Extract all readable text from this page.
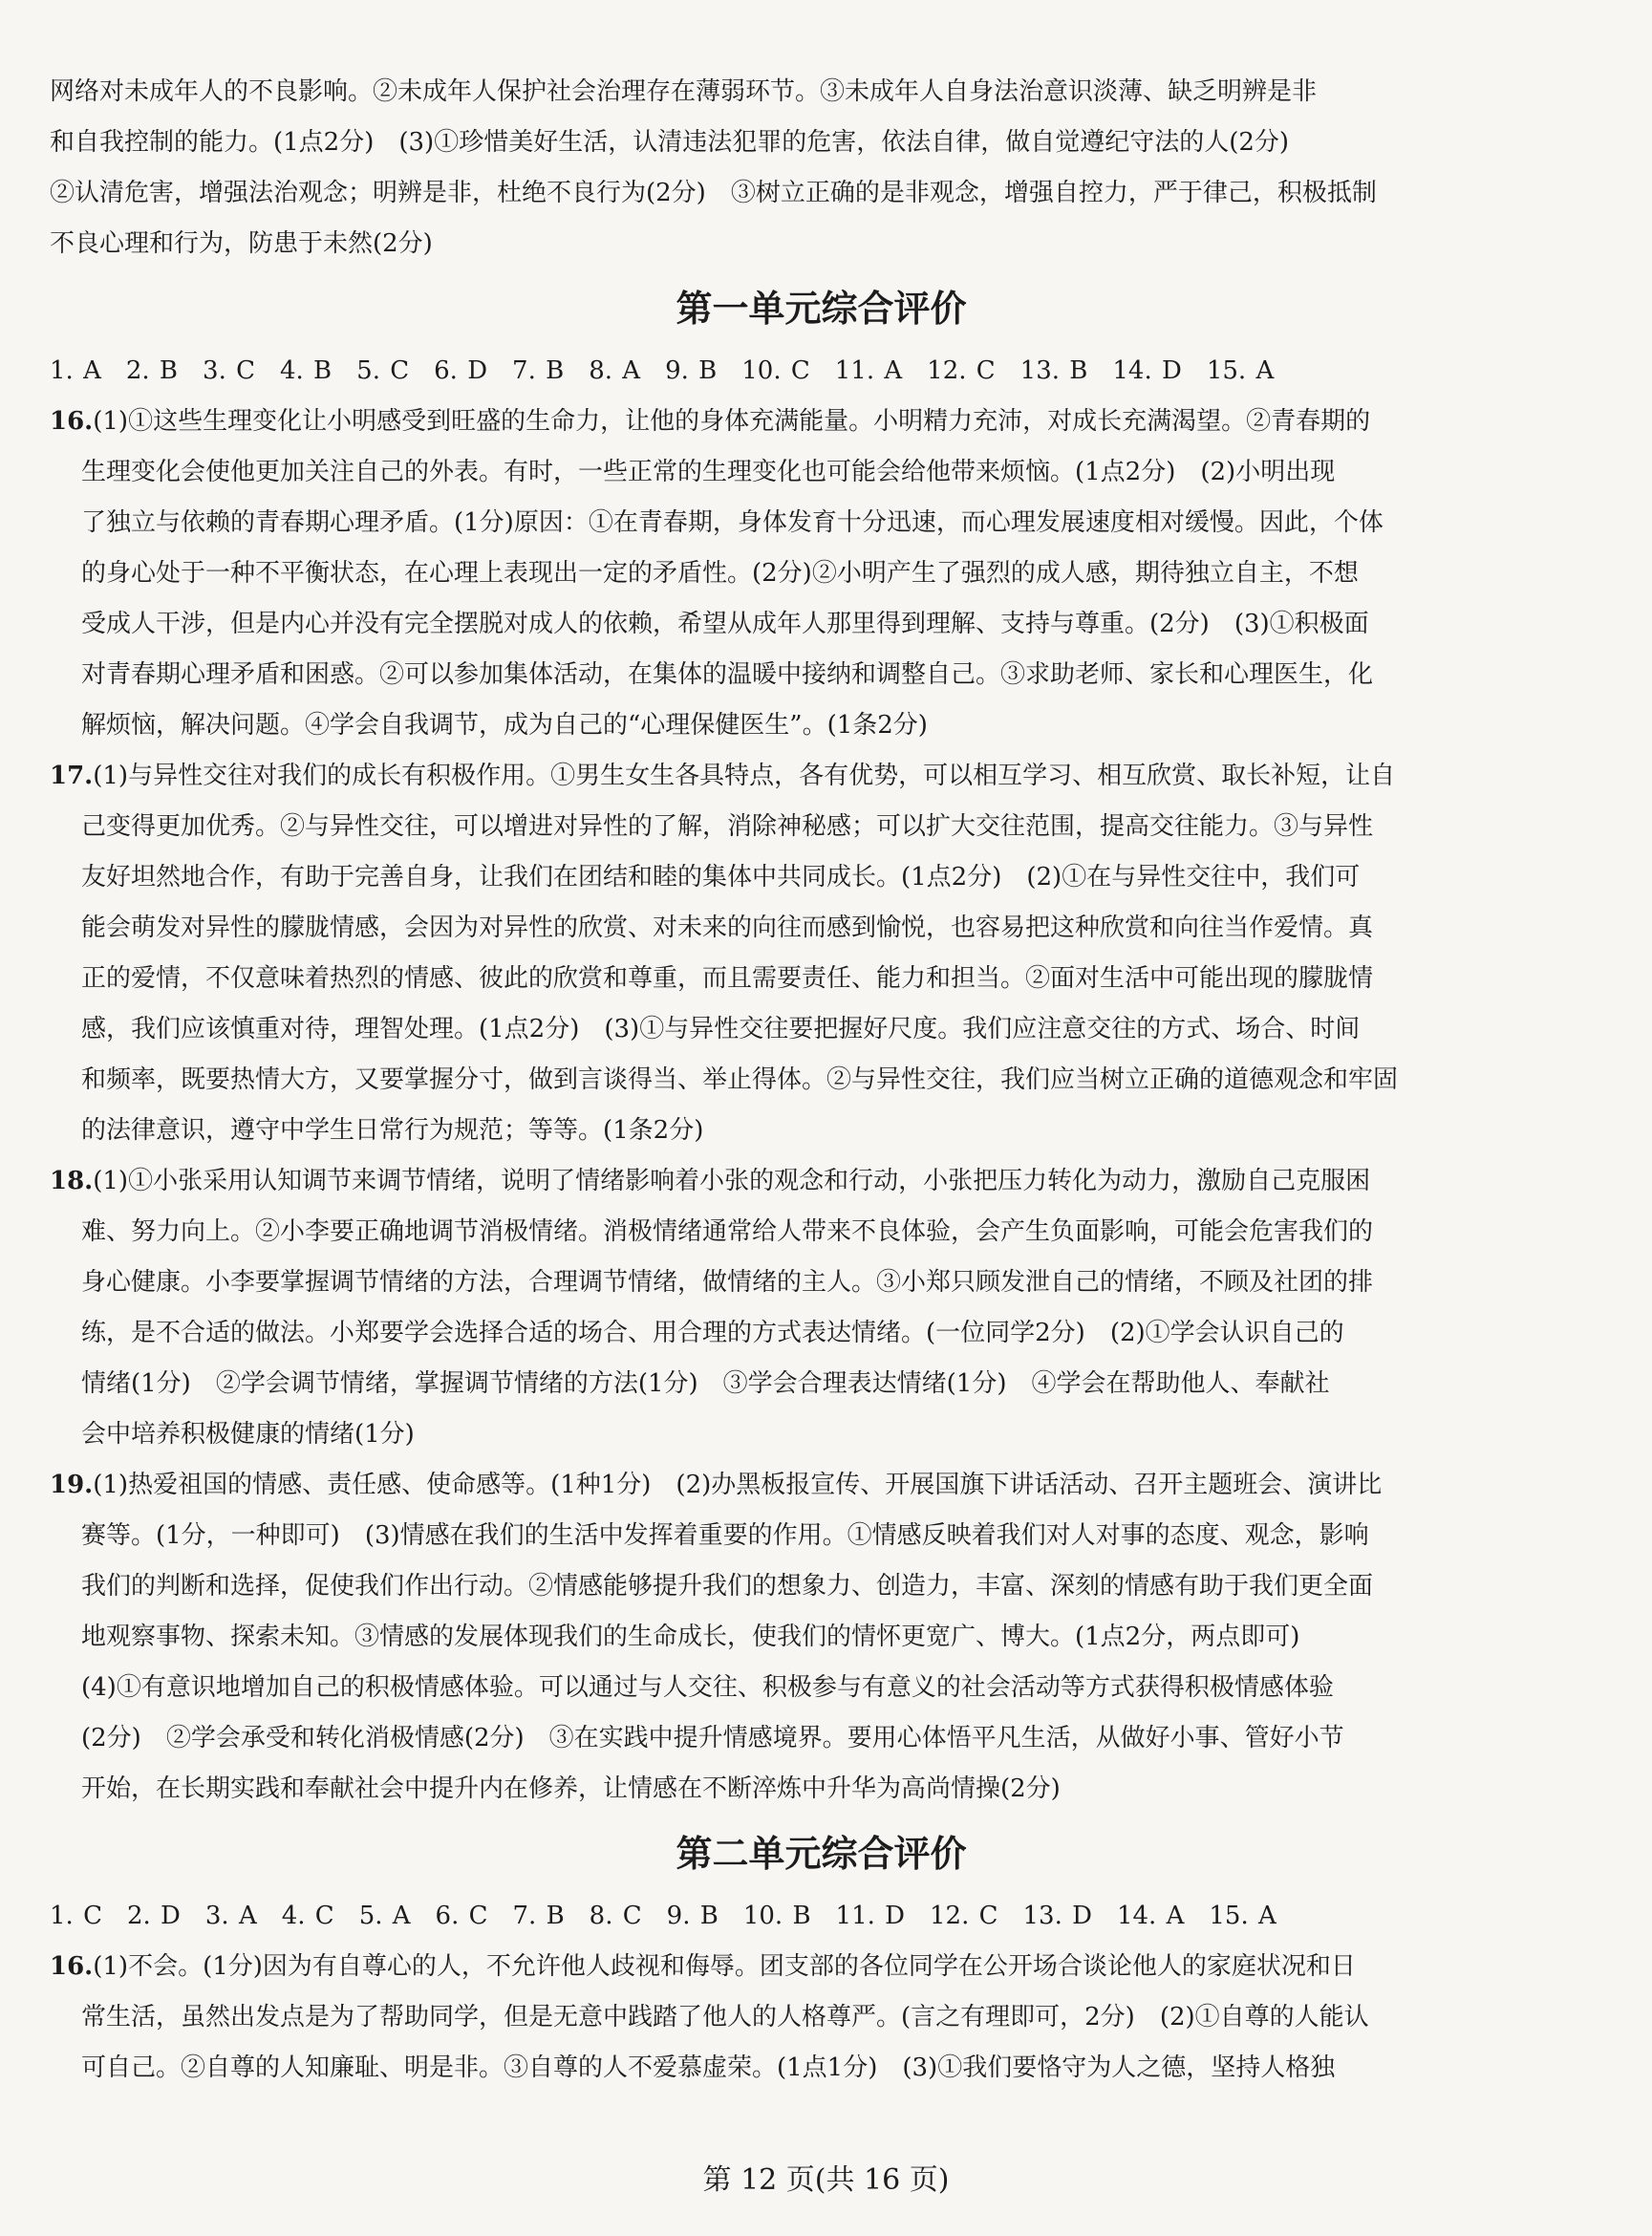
网络对未成年人的不良影响。②未成年人保护社会治理存在薄弱环节。③未成年人自身法治意识淡薄、缺乏明辨是非
和自我控制的能力。(1点2分)　(3)①珍惜美好生活，认清违法犯罪的危害，依法自律，做自觉遵纪守法的人(2分)
②认清危害，增强法治观念；明辨是非，杜绝不良行为(2分)　③树立正确的是非观念，增强自控力，严于律己，积极抵制
不良心理和行为，防患于未然(2分)
第一单元综合评价
1. A　2. B　3. C　4. B　5. C　6. D　7. B　8. A　9. B　10. C　11. A　12. C　13. B　14. D　15. A
16.(1)①这些生理变化让小明感受到旺盛的生命力，让他的身体充满能量。小明精力充沛，对成长充满渴望。②青春期的
生理变化会使他更加关注自己的外表。有时，一些正常的生理变化也可能会给他带来烦恼。(1点2分)　(2)小明出现
了独立与依赖的青春期心理矛盾。(1分)原因：①在青春期，身体发育十分迅速，而心理发展速度相对缓慢。因此，个体
的身心处于一种不平衡状态，在心理上表现出一定的矛盾性。(2分)②小明产生了强烈的成人感，期待独立自主，不想
受成人干涉，但是内心并没有完全摆脱对成人的依赖，希望从成年人那里得到理解、支持与尊重。(2分)　(3)①积极面
对青春期心理矛盾和困惑。②可以参加集体活动，在集体的温暖中接纳和调整自己。③求助老师、家长和心理医生，化
解烦恼，解决问题。④学会自我调节，成为自己的“心理保健医生”。(1条2分)
17.(1)与异性交往对我们的成长有积极作用。①男生女生各具特点，各有优势，可以相互学习、相互欣赏、取长补短，让自
己变得更加优秀。②与异性交往，可以增进对异性的了解，消除神秘感；可以扩大交往范围，提高交往能力。③与异性
友好坦然地合作，有助于完善自身，让我们在团结和睦的集体中共同成长。(1点2分)　(2)①在与异性交往中，我们可
能会萌发对异性的朦胧情感，会因为对异性的欣赏、对未来的向往而感到愉悦，也容易把这种欣赏和向往当作爱情。真
正的爱情，不仅意味着热烈的情感、彼此的欣赏和尊重，而且需要责任、能力和担当。②面对生活中可能出现的朦胧情
感，我们应该慎重对待，理智处理。(1点2分)　(3)①与异性交往要把握好尺度。我们应注意交往的方式、场合、时间
和频率，既要热情大方，又要掌握分寸，做到言谈得当、举止得体。②与异性交往，我们应当树立正确的道德观念和牢固
的法律意识，遵守中学生日常行为规范；等等。(1条2分)
18.(1)①小张采用认知调节来调节情绪，说明了情绪影响着小张的观念和行动，小张把压力转化为动力，激励自己克服困
难、努力向上。②小李要正确地调节消极情绪。消极情绪通常给人带来不良体验，会产生负面影响，可能会危害我们的
身心健康。小李要掌握调节情绪的方法，合理调节情绪，做情绪的主人。③小郑只顾发泄自己的情绪，不顾及社团的排
练，是不合适的做法。小郑要学会选择合适的场合、用合理的方式表达情绪。(一位同学2分)　(2)①学会认识自己的
情绪(1分)　②学会调节情绪，掌握调节情绪的方法(1分)　③学会合理表达情绪(1分)　④学会在帮助他人、奉献社
会中培养积极健康的情绪(1分)
19.(1)热爱祖国的情感、责任感、使命感等。(1种1分)　(2)办黑板报宣传、开展国旗下讲话活动、召开主题班会、演讲比
赛等。(1分，一种即可)　(3)情感在我们的生活中发挥着重要的作用。①情感反映着我们对人对事的态度、观念，影响
我们的判断和选择，促使我们作出行动。②情感能够提升我们的想象力、创造力，丰富、深刻的情感有助于我们更全面
地观察事物、探索未知。③情感的发展体现我们的生命成长，使我们的情怀更宽广、博大。(1点2分，两点即可)
(4)①有意识地增加自己的积极情感体验。可以通过与人交往、积极参与有意义的社会活动等方式获得积极情感体验
(2分)　②学会承受和转化消极情感(2分)　③在实践中提升情感境界。要用心体悟平凡生活，从做好小事、管好小节
开始，在长期实践和奉献社会中提升内在修养，让情感在不断淬炼中升华为高尚情操(2分)
第二单元综合评价
1. C　2. D　3. A　4. C　5. A　6. C　7. B　8. C　9. B　10. B　11. D　12. C　13. D　14. A　15. A
16.(1)不会。(1分)因为有自尊心的人，不允许他人歧视和侮辱。团支部的各位同学在公开场合谈论他人的家庭状况和日
常生活，虽然出发点是为了帮助同学，但是无意中践踏了他人的人格尊严。(言之有理即可，2分)　(2)①自尊的人能认
可自己。②自尊的人知廉耻、明是非。③自尊的人不爱慕虚荣。(1点1分)　(3)①我们要恪守为人之德，坚持人格独
第 12 页(共 16 页)
